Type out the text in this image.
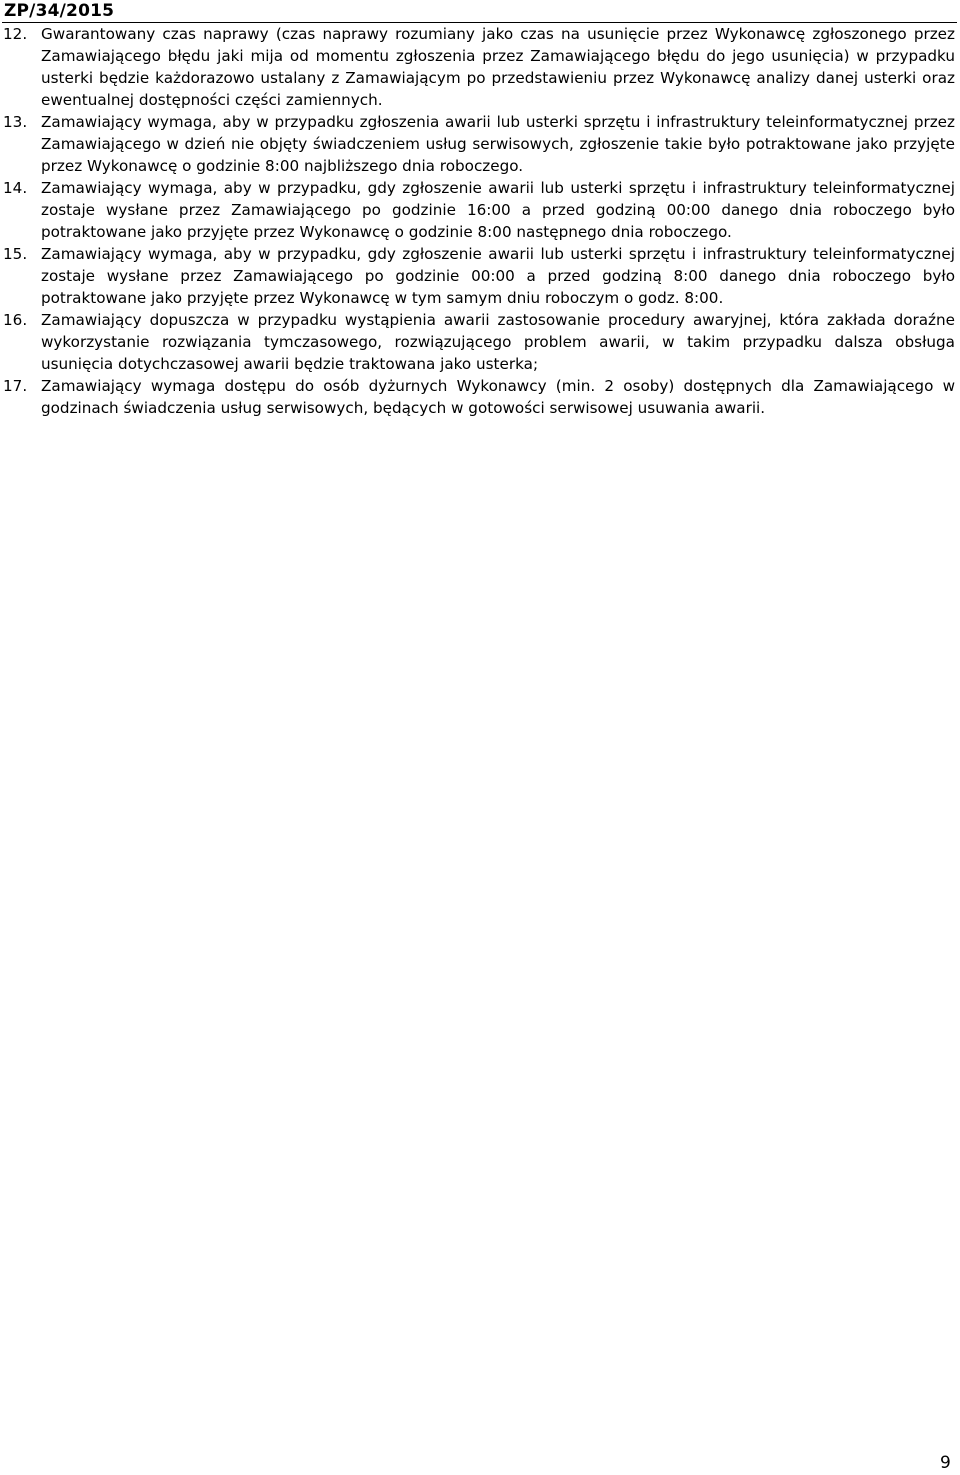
ZP/34/2015
12. Gwarantowany czas naprawy (czas naprawy rozumiany jako czas na usunięcie przez Wykonawcę zgłoszonego przez Zamawiającego błędu jaki mija od momentu zgłoszenia przez Zamawiającego błędu do jego usunięcia) w przypadku usterki będzie każdorazowo ustalany z Zamawiającym po przedstawieniu przez Wykonawcę analizy danej usterki oraz ewentualnej dostępności części zamiennych.
13. Zamawiający wymaga, aby w przypadku zgłoszenia awarii lub usterki sprzętu i infrastruktury teleinformatycznej przez Zamawiającego w dzień nie objęty świadczeniem usług serwisowych, zgłoszenie takie było potraktowane jako przyjęte przez Wykonawcę o godzinie 8:00 najbliższego dnia roboczego.
14. Zamawiający wymaga, aby w przypadku, gdy zgłoszenie awarii lub usterki sprzętu i infrastruktury teleinformatycznej zostaje wysłane przez Zamawiającego po godzinie 16:00 a przed godziną 00:00 danego dnia roboczego było potraktowane jako przyjęte przez Wykonawcę o godzinie 8:00 następnego dnia roboczego.
15. Zamawiający wymaga, aby w przypadku, gdy zgłoszenie awarii lub usterki sprzętu i infrastruktury teleinformatycznej zostaje wysłane przez Zamawiającego po godzinie 00:00 a przed godziną 8:00 danego dnia roboczego było potraktowane jako przyjęte przez Wykonawcę w tym samym dniu roboczym o godz. 8:00.
16. Zamawiający dopuszcza w przypadku wystąpienia awarii zastosowanie procedury awaryjnej, która zakłada doraźne wykorzystanie rozwiązania tymczasowego, rozwiązującego problem awarii, w takim przypadku dalsza obsługa usunięcia dotychczasowej awarii będzie traktowana jako usterka;
17. Zamawiający wymaga dostępu do osób dyżurnych Wykonawcy (min. 2 osoby) dostępnych dla Zamawiającego w godzinach świadczenia usług serwisowych, będących w gotowości serwisowej usuwania awarii.
9
